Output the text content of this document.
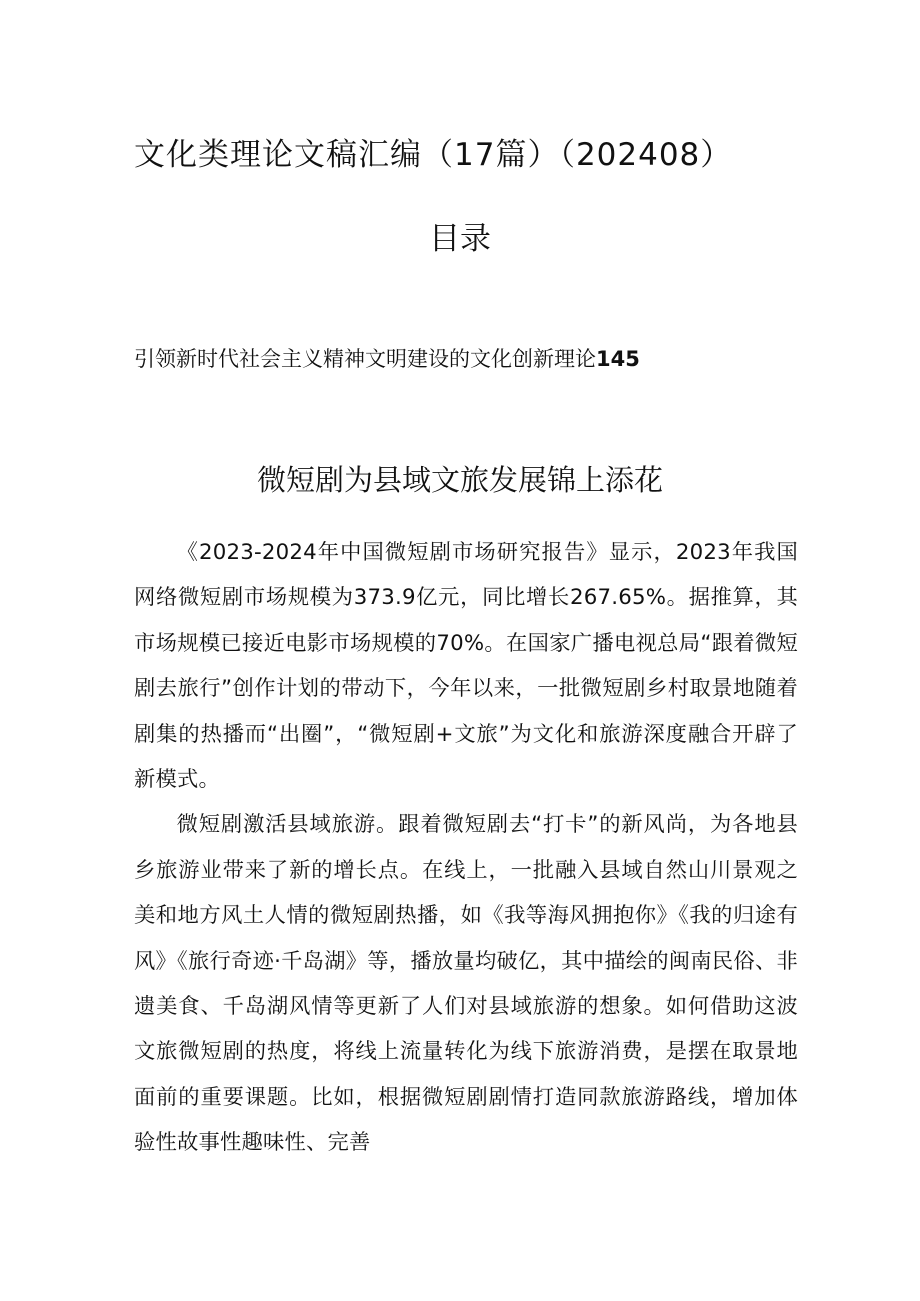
文化类理论文稿汇编（17篇）（202408）
目录
引领新时代社会主义精神文明建设的文化创新理论145
微短剧为县域文旅发展锦上添花

《2023-2024年中国微短剧市场研究报告》显示，2023年我国网络微短剧市场规模为373.9亿元，同比增长267.65%。据推算，其市场规模已接近电影市场规模的70%。在国家广播电视总局“跟着微短剧去旅行”创作计划的带动下，今年以来，一批微短剧乡村取景地随着剧集的热播而“出圈”，“微短剧+文旅”为文化和旅游深度融合开辟了新模式。

微短剧激活县域旅游。跟着微短剧去“打卡”的新风尚，为各地县乡旅游业带来了新的增长点。在线上，一批融入县域自然山川景观之美和地方风土人情的微短剧热播，如《我等海风拥抱你》《我的归途有风》《旅行奇迹·千岛湖》等，播放量均破亿，其中描绘的闽南民俗、非遗美食、千岛湖风情等更新了人们对县域旅游的想象。如何借助这波文旅微短剧的热度，将线上流量转化为线下旅游消费，是摆在取景地面前的重要课题。比如，根据微短剧剧情打造同款旅游路线，增加体验性故事性趣味性、完善
